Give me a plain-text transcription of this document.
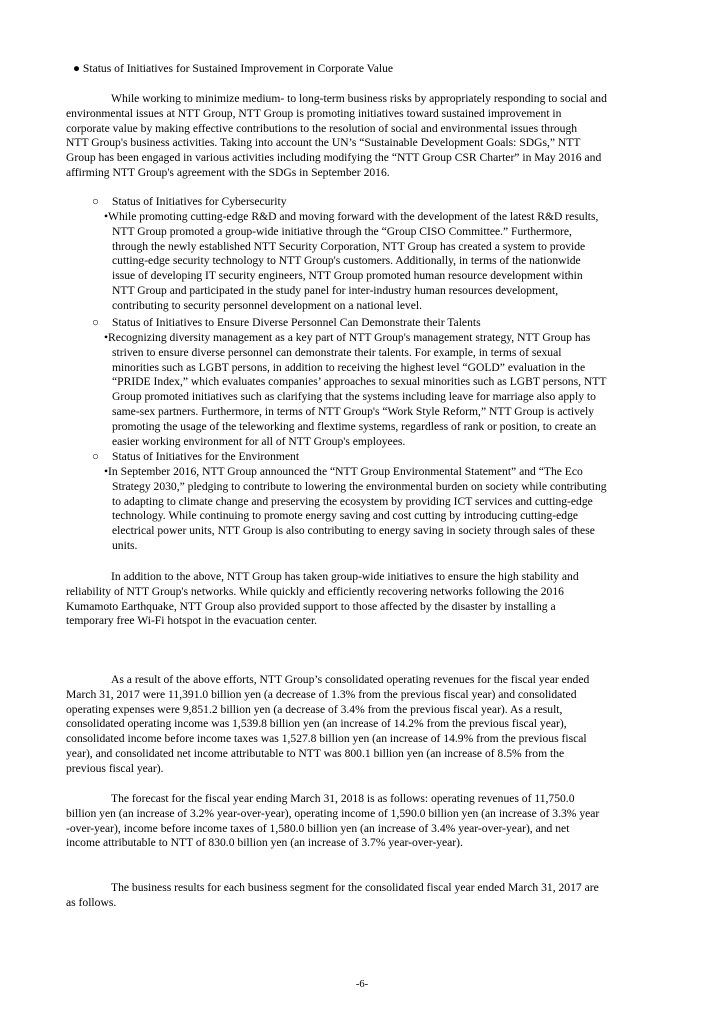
● Status of Initiatives for Sustained Improvement in Corporate Value
While working to minimize medium- to long-term business risks by appropriately responding to social and
environmental issues at NTT Group, NTT Group is promoting initiatives toward sustained improvement in
corporate value by making effective contributions to the resolution of social and environmental issues through
NTT Group's business activities. Taking into account the UN’s “Sustainable Development Goals: SDGs,” NTT
Group has been engaged in various activities including modifying the “NTT Group CSR Charter” in May 2016 and
affirming NTT Group's agreement with the SDGs in September 2016.
○ Status of Initiatives for Cybersecurity
•While promoting cutting-edge R&D and moving forward with the development of the latest R&D results,
NTT Group promoted a group-wide initiative through the “Group CISO Committee.” Furthermore,
through the newly established NTT Security Corporation, NTT Group has created a system to provide
cutting-edge security technology to NTT Group's customers. Additionally, in terms of the nationwide
issue of developing IT security engineers, NTT Group promoted human resource development within
NTT Group and participated in the study panel for inter-industry human resources development,
contributing to security personnel development on a national level.
○ Status of Initiatives to Ensure Diverse Personnel Can Demonstrate their Talents
•Recognizing diversity management as a key part of NTT Group's management strategy, NTT Group has
striven to ensure diverse personnel can demonstrate their talents. For example, in terms of sexual
minorities such as LGBT persons, in addition to receiving the highest level “GOLD” evaluation in the
“PRIDE Index,” which evaluates companies’ approaches to sexual minorities such as LGBT persons, NTT
Group promoted initiatives such as clarifying that the systems including leave for marriage also apply to
same-sex partners. Furthermore, in terms of NTT Group's “Work Style Reform,” NTT Group is actively
promoting the usage of the teleworking and flextime systems, regardless of rank or position, to create an
easier working environment for all of NTT Group's employees.
○ Status of Initiatives for the Environment
•In September 2016, NTT Group announced the “NTT Group Environmental Statement” and “The Eco
Strategy 2030,” pledging to contribute to lowering the environmental burden on society while contributing
to adapting to climate change and preserving the ecosystem by providing ICT services and cutting-edge
technology. While continuing to promote energy saving and cost cutting by introducing cutting-edge
electrical power units, NTT Group is also contributing to energy saving in society through sales of these
units.
In addition to the above, NTT Group has taken group-wide initiatives to ensure the high stability and
reliability of NTT Group's networks. While quickly and efficiently recovering networks following the 2016
Kumamoto Earthquake, NTT Group also provided support to those affected by the disaster by installing a
temporary free Wi-Fi hotspot in the evacuation center.
As a result of the above efforts, NTT Group’s consolidated operating revenues for the fiscal year ended
March 31, 2017 were 11,391.0 billion yen (a decrease of 1.3% from the previous fiscal year) and consolidated
operating expenses were 9,851.2 billion yen (a decrease of 3.4% from the previous fiscal year). As a result,
consolidated operating income was 1,539.8 billion yen (an increase of 14.2% from the previous fiscal year),
consolidated income before income taxes was 1,527.8 billion yen (an increase of 14.9% from the previous fiscal
year), and consolidated net income attributable to NTT was 800.1 billion yen (an increase of 8.5% from the
previous fiscal year).
The forecast for the fiscal year ending March 31, 2018 is as follows: operating revenues of 11,750.0
billion yen (an increase of 3.2% year-over-year), operating income of 1,590.0 billion yen (an increase of 3.3% year
-over-year), income before income taxes of 1,580.0 billion yen (an increase of 3.4% year-over-year), and net
income attributable to NTT of 830.0 billion yen (an increase of 3.7% year-over-year).
The business results for each business segment for the consolidated fiscal year ended March 31, 2017 are
as follows.
-6-
